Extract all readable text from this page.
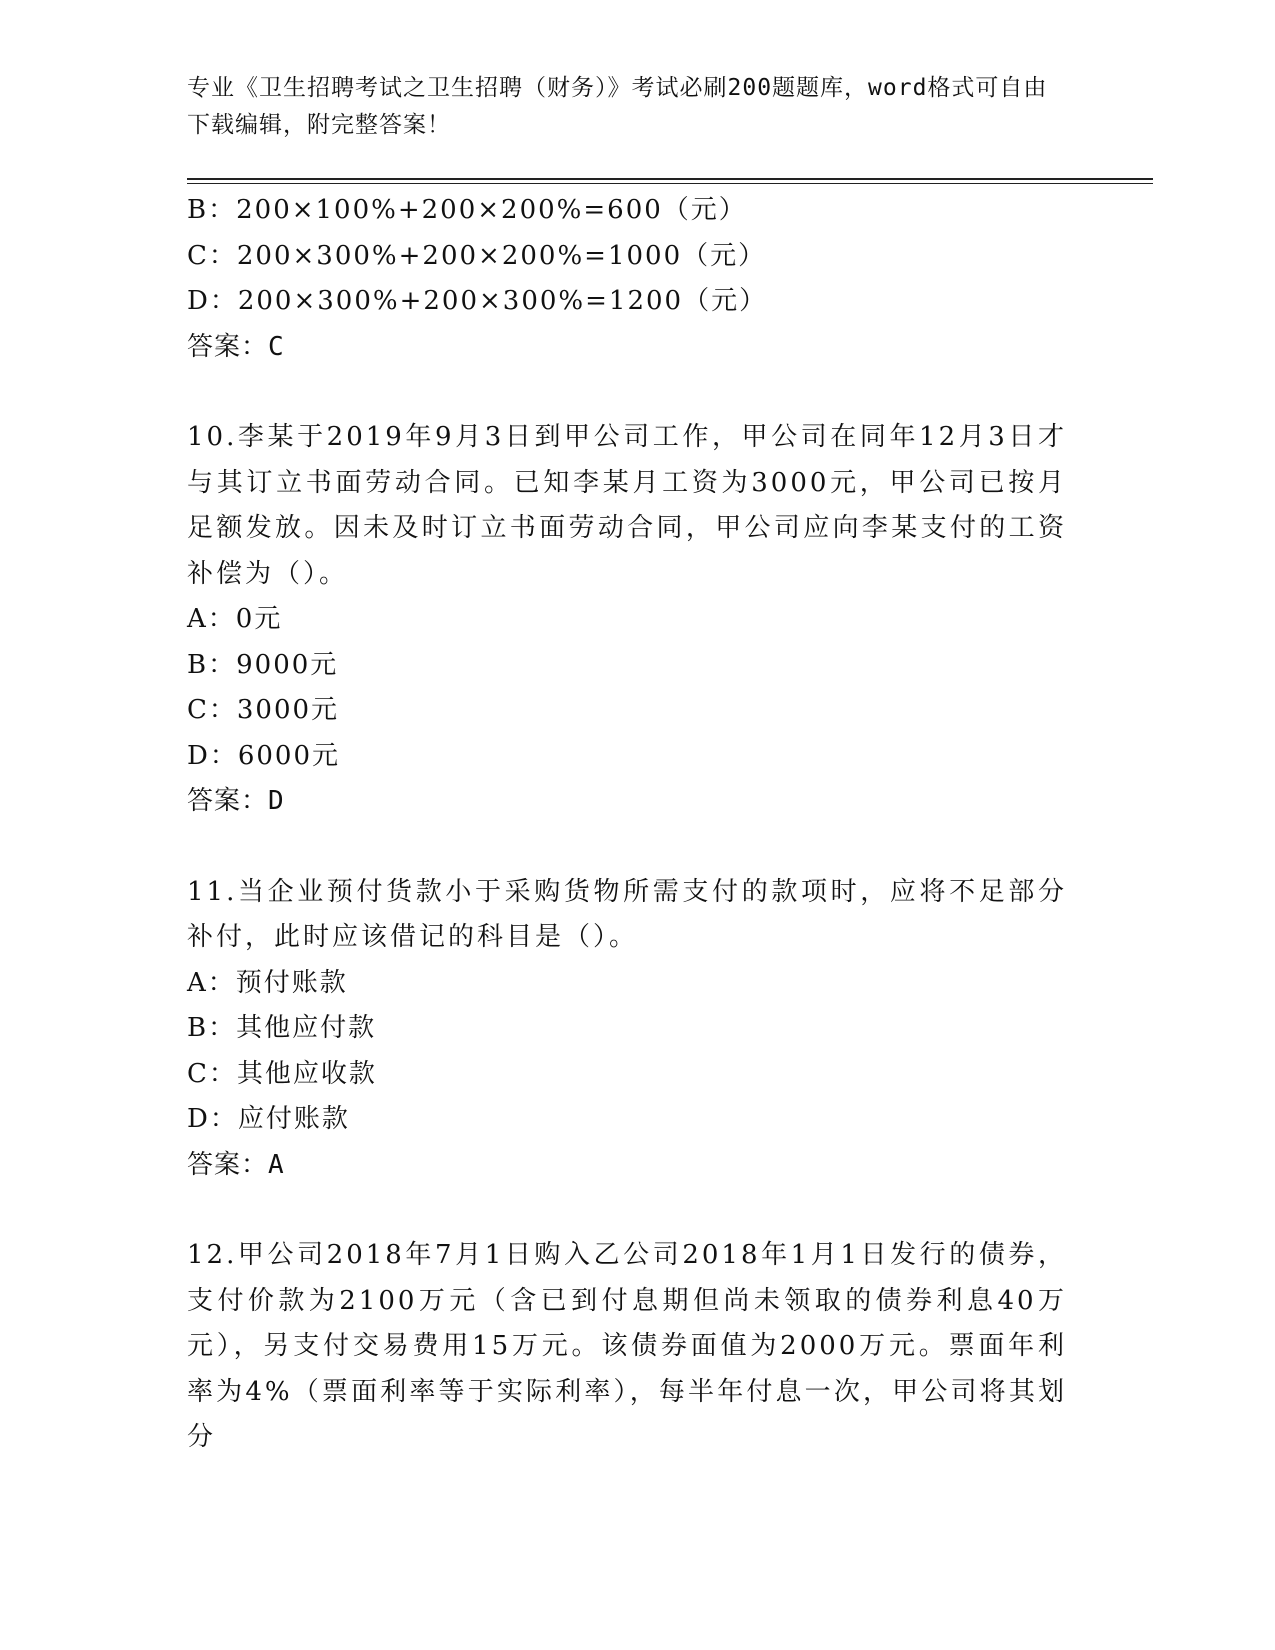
专业《卫生招聘考试之卫生招聘（财务）》考试必刷200题题库，word格式可自由下载编辑，附完整答案！
B：200×100%+200×200%=600（元）
C：200×300%+200×200%=1000（元）
D：200×300%+200×300%=1200（元）
答案：C
10.李某于2019年9月3日到甲公司工作，甲公司在同年12月3日才与其订立书面劳动合同。已知李某月工资为3000元，甲公司已按月足额发放。因未及时订立书面劳动合同，甲公司应向李某支付的工资补偿为（）。
A：0元
B：9000元
C：3000元
D：6000元
答案：D
11.当企业预付货款小于采购货物所需支付的款项时，应将不足部分补付，此时应该借记的科目是（）。
A：预付账款
B：其他应付款
C：其他应收款
D：应付账款
答案：A
12.甲公司2018年7月1日购入乙公司2018年1月1日发行的债券，支付价款为2100万元（含已到付息期但尚未领取的债券利息40万元），另支付交易费用15万元。该债券面值为2000万元。票面年利率为4%（票面利率等于实际利率），每半年付息一次，甲公司将其划分
